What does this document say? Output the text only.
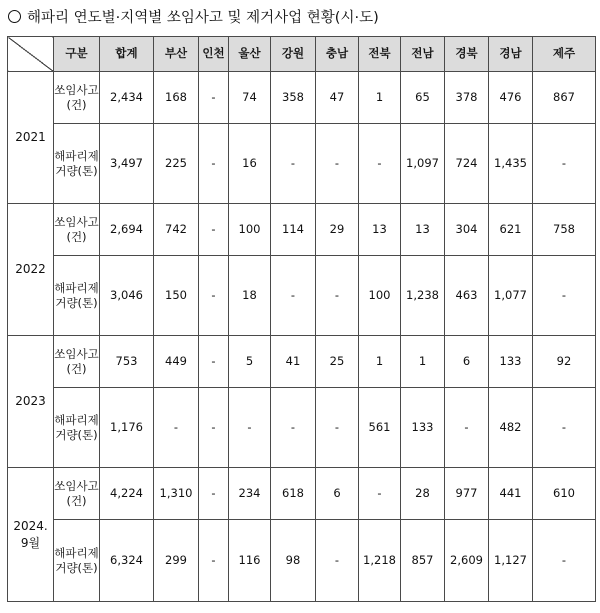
해파리 연도별·지역별 쏘임사고 및 제거사업 현황(시·도)
	구분	합계	부산	인천	울산	강원	충남	전북	전남	경북	경남	제주
2021	쏘임사고(건)	2,434	168	-	74	358	47	1	65	378	476	867
	해파리제거량(톤)	3,497	225	-	16	-	-	-	1,097	724	1,435	-
2022	쏘임사고(건)	2,694	742	-	100	114	29	13	13	304	621	758
	해파리제거량(톤)	3,046	150	-	18	-	-	100	1,238	463	1,077	-
2023	쏘임사고(건)	753	449	-	5	41	25	1	1	6	133	92
	해파리제거량(톤)	1,176	-	-	-	-	-	561	133	-	482	-
2024. 9월	쏘임사고(건)	4,224	1,310	-	234	618	6	-	28	977	441	610
	해파리제거량(톤)	6,324	299	-	116	98	-	1,218	857	2,609	1,127	-
